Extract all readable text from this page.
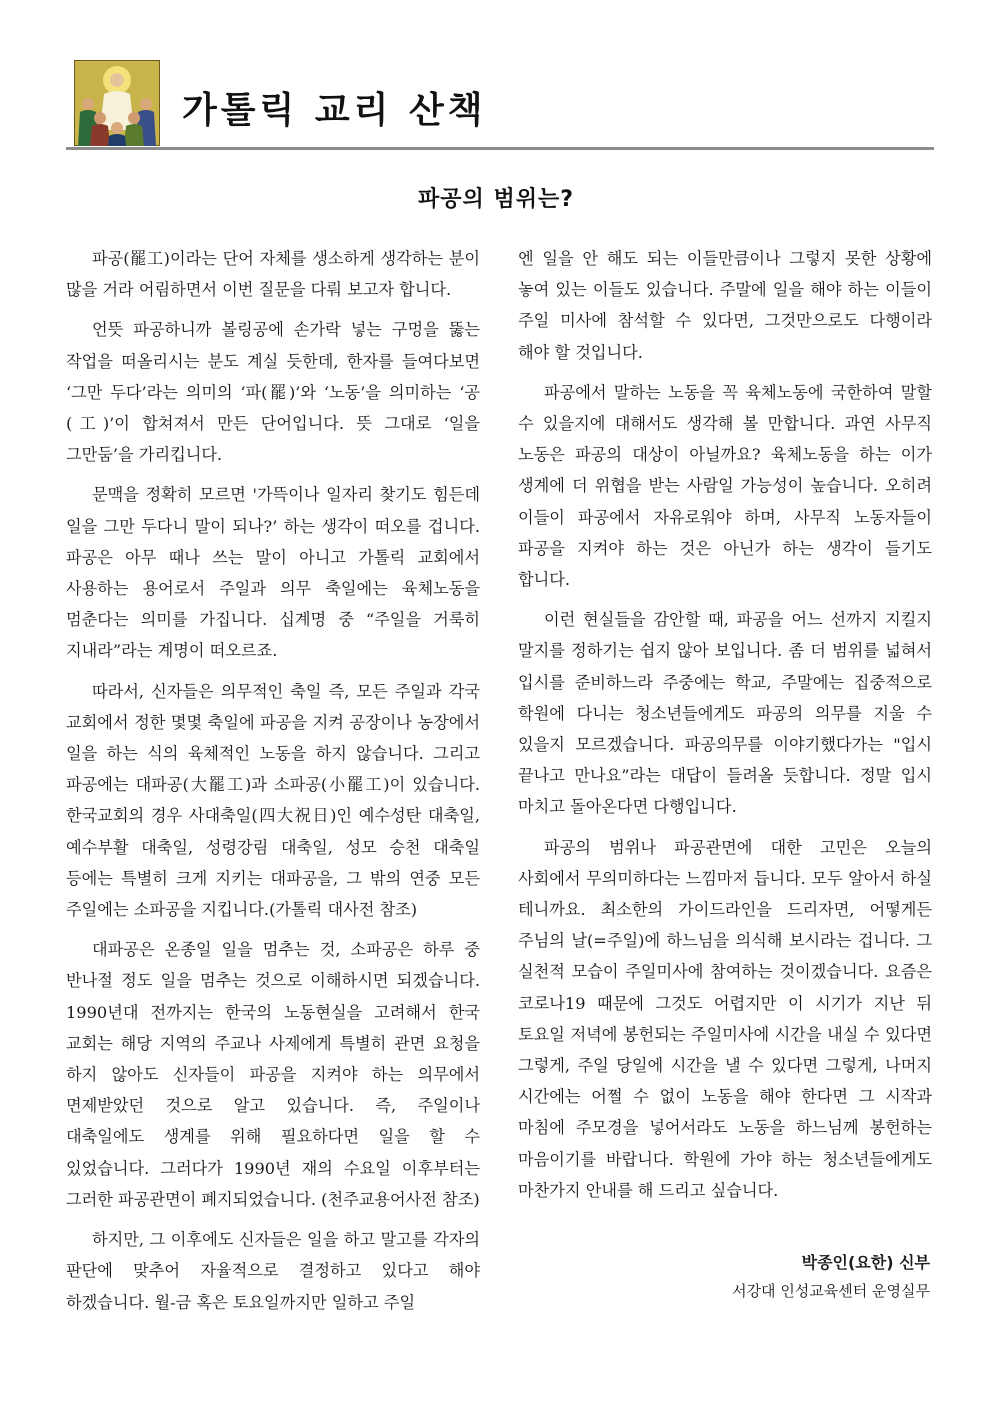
가톨릭 교리 산책
파공의 범위는?

파공(罷工)이라는 단어 자체를 생소하게 생각하는 분이 많을 거라 어림하면서 이번 질문을 다뤄 보고자 합니다.

언뜻 파공하니까 볼링공에 손가락 넣는 구멍을 뚫는 작업을 떠올리시는 분도 계실 듯한데, 한자를 들여다보면 ‘그만 두다’라는 의미의 ‘파(罷)’와 ‘노동’을 의미하는 ‘공(工)’이 합쳐져서 만든 단어입니다. 뜻 그대로 ‘일을 그만둠’을 가리킵니다.

문맥을 정확히 모르면 '가뜩이나 일자리 찾기도 힘든데 일을 그만 두다니 말이 되나?’ 하는 생각이 떠오를 겁니다. 파공은 아무 때나 쓰는 말이 아니고 가톨릭 교회에서 사용하는 용어로서 주일과 의무 축일에는 육체노동을 멈춘다는 의미를 가집니다. 십계명 중 “주일을 거룩히 지내라”라는 계명이 떠오르죠.

따라서, 신자들은 의무적인 축일 즉, 모든 주일과 각국 교회에서 정한 몇몇 축일에 파공을 지켜 공장이나 농장에서 일을 하는 식의 육체적인 노동을 하지 않습니다. 그리고 파공에는 대파공(大罷工)과 소파공(小罷工)이 있습니다. 한국교회의 경우 사대축일(四大祝日)인 예수성탄 대축일, 예수부활 대축일, 성령강림 대축일, 성모 승천 대축일 등에는 특별히 크게 지키는 대파공을, 그 밖의 연중 모든 주일에는 소파공을 지킵니다.(가톨릭 대사전 참조)

대파공은 온종일 일을 멈추는 것, 소파공은 하루 중 반나절 정도 일을 멈추는 것으로 이해하시면 되겠습니다. 1990년대 전까지는 한국의 노동현실을 고려해서 한국 교회는 해당 지역의 주교나 사제에게 특별히 관면 요청을 하지 않아도 신자들이 파공을 지켜야 하는 의무에서 면제받았던 것으로 알고 있습니다. 즉, 주일이나 대축일에도 생계를 위해 필요하다면 일을 할 수 있었습니다. 그러다가 1990년 재의 수요일 이후부터는 그러한 파공관면이 폐지되었습니다. (천주교용어사전 참조)

하지만, 그 이후에도 신자들은 일을 하고 말고를 각자의 판단에 맞추어 자율적으로 결정하고 있다고 해야 하겠습니다. 월-금 혹은 토요일까지만 일하고 주일

엔 일을 안 해도 되는 이들만큼이나 그렇지 못한 상황에 놓여 있는 이들도 있습니다. 주말에 일을 해야 하는 이들이 주일 미사에 참석할 수 있다면, 그것만으로도 다행이라 해야 할 것입니다.

파공에서 말하는 노동을 꼭 육체노동에 국한하여 말할 수 있을지에 대해서도 생각해 볼 만합니다. 과연 사무직 노동은 파공의 대상이 아닐까요? 육체노동을 하는 이가 생계에 더 위협을 받는 사람일 가능성이 높습니다. 오히려 이들이 파공에서 자유로워야 하며, 사무직 노동자들이 파공을 지켜야 하는 것은 아닌가 하는 생각이 들기도 합니다.

이런 현실들을 감안할 때, 파공을 어느 선까지 지킬지 말지를 정하기는 쉽지 않아 보입니다. 좀 더 범위를 넓혀서 입시를 준비하느라 주중에는 학교, 주말에는 집중적으로 학원에 다니는 청소년들에게도 파공의 의무를 지울 수 있을지 모르겠습니다. 파공의무를 이야기했다가는 "입시 끝나고 만나요”라는 대답이 들려올 듯합니다. 정말 입시 마치고 돌아온다면 다행입니다.

파공의 범위나 파공관면에 대한 고민은 오늘의 사회에서 무의미하다는 느낌마저 듭니다. 모두 알아서 하실 테니까요. 최소한의 가이드라인을 드리자면, 어떻게든 주님의 날(=주일)에 하느님을 의식해 보시라는 겁니다. 그 실천적 모습이 주일미사에 참여하는 것이겠습니다. 요즘은 코로나19 때문에 그것도 어렵지만 이 시기가 지난 뒤 토요일 저녁에 봉헌되는 주일미사에 시간을 내실 수 있다면 그렇게, 주일 당일에 시간을 낼 수 있다면 그렇게, 나머지 시간에는 어쩔 수 없이 노동을 해야 한다면 그 시작과 마침에 주모경을 넣어서라도 노동을 하느님께 봉헌하는 마음이기를 바랍니다. 학원에 가야 하는 청소년들에게도 마찬가지 안내를 해 드리고 싶습니다.

박종인(요한) 신부
서강대 인성교육센터 운영실무
